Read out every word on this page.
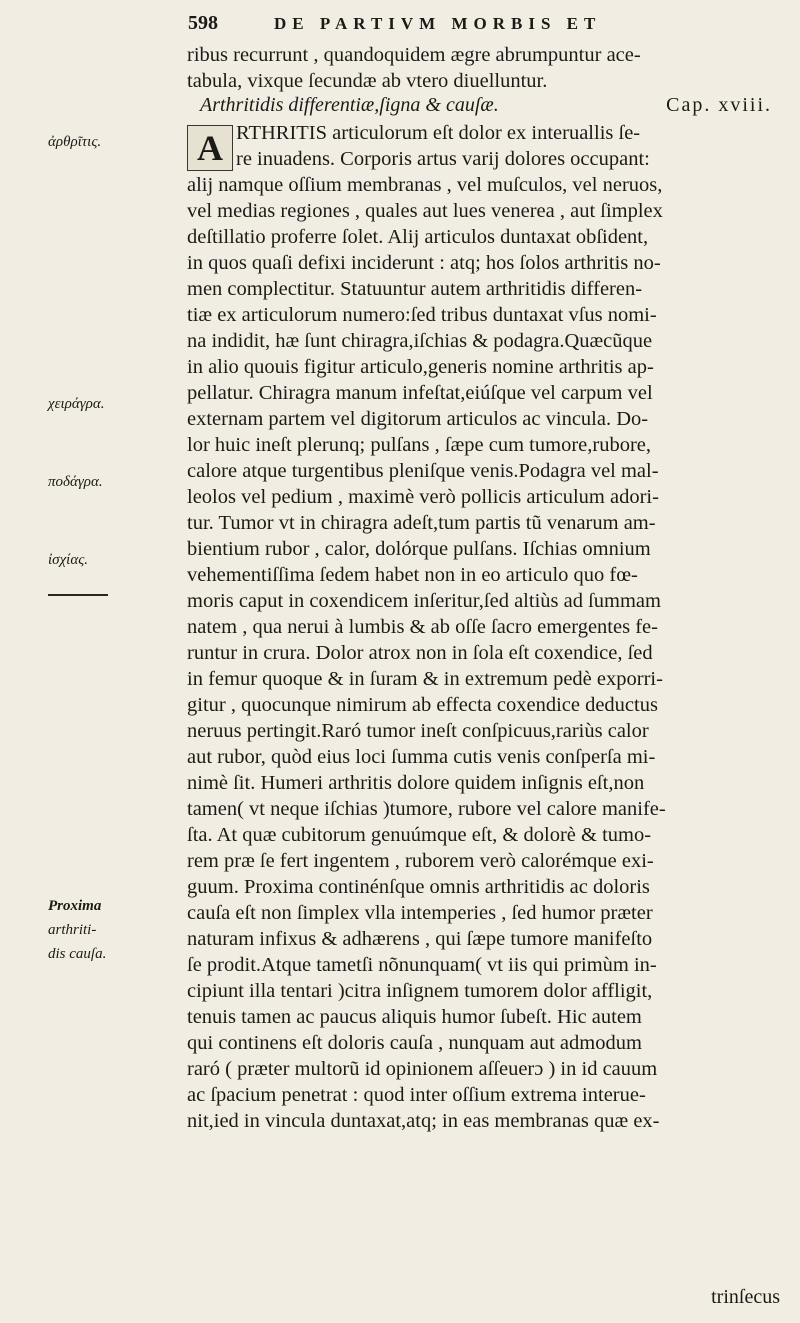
598	DE PARTIVM MORBIS ET
Arthritidis differentiæ,ſigna & cauſæ.	Cap. xviii.
A
ribus recurrunt , quandoquidem ægre abrumpuntur ace-
tabula, vixque ſecundæ ab vtero diuelluntur.
RTHRITIS articulorum eſt dolor ex interuallis ſe-
re inuadens. Corporis artus varij dolores occupant:
alij namque oſſium membranas , vel muſculos, vel neruos,
vel medias regiones , quales aut lues venerea , aut ſimplex
deſtillatio proferre ſolet. Alij articulos duntaxat obſident,
in quos quaſi defixi inciderunt : atq; hos ſolos arthritis no-
men complectitur. Statuuntur autem arthritidis differen-
tiæ ex articulorum numero:ſed tribus duntaxat vſus nomi-
na indidit, hæ ſunt chiragra,iſchias & podagra.Quæcũque
in alio quouis figitur articulo,generis nomine arthritis ap-
pellatur. Chiragra manum infeſtat,eiúſque vel carpum vel
externam partem vel digitorum articulos ac vincula. Do-
lor huic ineſt plerunq; pulſans , ſæpe cum tumore,rubore,
calore atque turgentibus pleniſque venis.Podagra vel mal-
leolos vel pedium , maximè verò pollicis articulum adori-
tur. Tumor vt in chiragra adeſt,tum partis tũ venarum am-
bientium rubor , calor, dolórque pulſans. Iſchias omnium
vehementiſſima ſedem habet non in eo articulo quo fœ-
moris caput in coxendicem inſeritur,ſed altiùs ad ſummam
natem , qua nerui à lumbis & ab oſſe ſacro emergentes fe-
runtur in crura. Dolor atrox non in ſola eſt coxendice, ſed
in femur quoque & in ſuram & in extremum pedè exporri-
gitur , quocunque nimirum ab effecta coxendice deductus
neruus pertingit.Raró tumor ineſt conſpicuus,rariùs calor
aut rubor, quòd eius loci ſumma cutis venis conſperſa mi-
nimè ſit. Humeri arthritis dolore quidem inſignis eſt,non
tamen( vt neque iſchias )tumore, rubore vel calore manife-
ſta. At quæ cubitorum genuúmque eſt, & dolorè & tumo-
rem præ ſe fert ingentem , ruborem verò calorémque exi-
guum. Proxima continénſque omnis arthritidis ac doloris
cauſa eſt non ſimplex vlla intemperies , ſed humor præter
naturam infixus & adhærens , qui ſæpe tumore manifeſto
ſe prodit.Atque tametſi nõnunquam( vt iis qui primùm in-
cipiunt illa tentari )citra inſignem tumorem dolor affligit,
tenuis tamen ac paucus aliquis humor ſubeſt. Hic autem
qui continens eſt doloris cauſa , nunquam aut admodum
raró ( præter multorũ id opinionem aſſeuerɔ ) in id cauum
ac ſpacium penetrat : quod inter oſſium extrema interue-
nit,ied in vincula duntaxat,atq; in eas membranas quæ ex-
trinſecus
ἀρθρῖτις.
χειράγρα.
ποδάγρα.
ἰσχίας.
Proxima
arthriti-
dis cauſa.
